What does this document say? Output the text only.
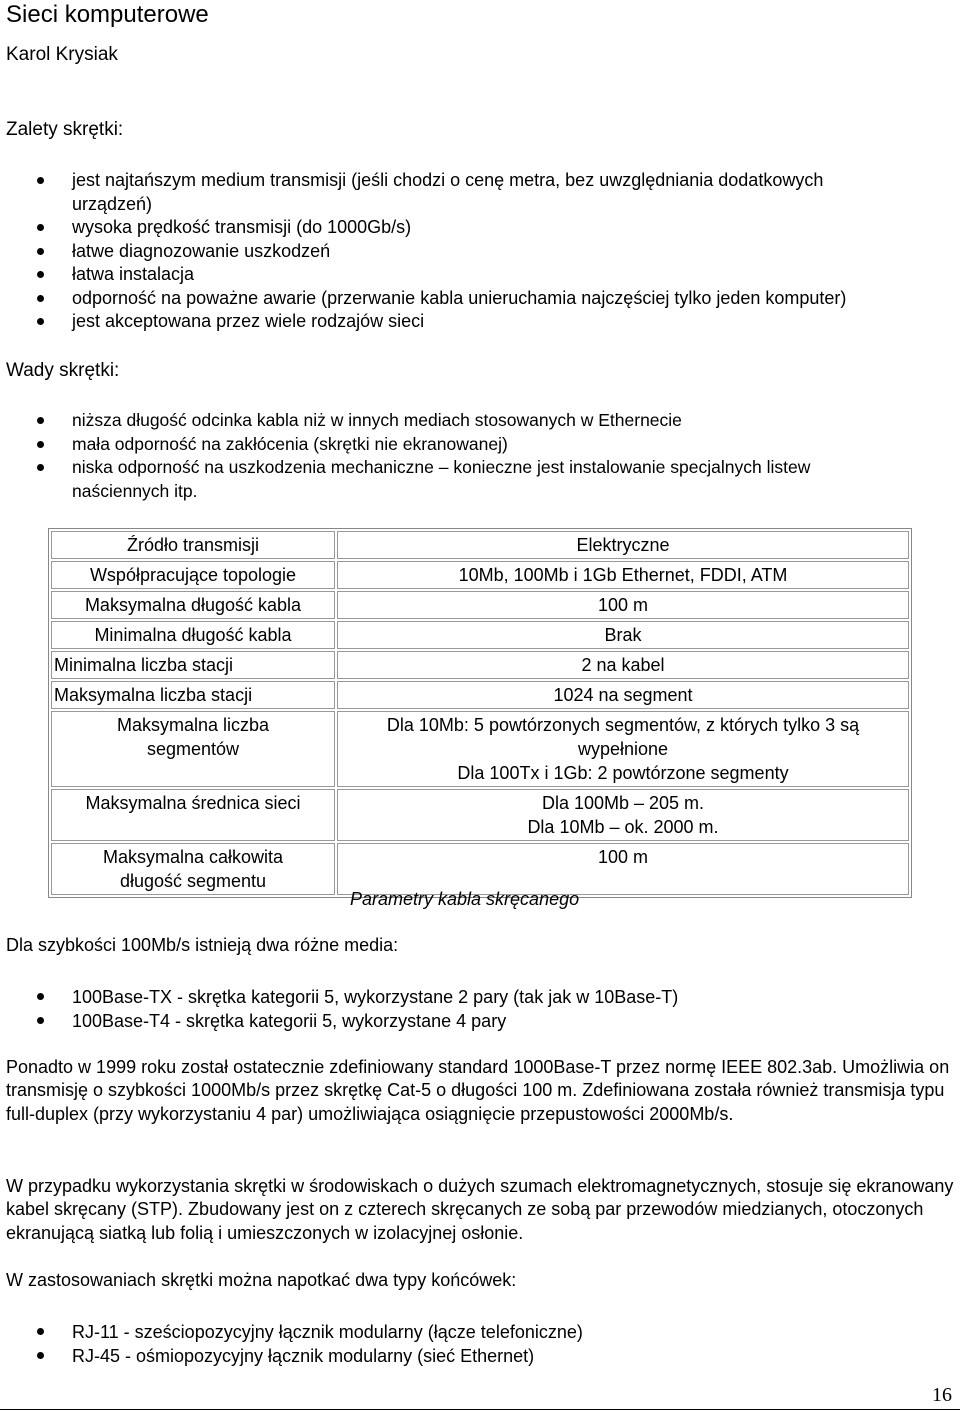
Sieci komputerowe
Karol Krysiak
Zalety skrętki:
jest najtańszym medium transmisji (jeśli chodzi o cenę metra, bez uwzględniania dodatkowych
urządzeń)
wysoka prędkość transmisji (do 1000Gb/s)
łatwe diagnozowanie uszkodzeń
łatwa instalacja
odporność na poważne awarie (przerwanie kabla unieruchamia najczęściej tylko jeden komputer)
jest akceptowana przez wiele rodzajów sieci
Wady skrętki:
niższa długość odcinka kabla niż w innych mediach stosowanych w Ethernecie
mała odporność na zakłócenia (skrętki nie ekranowanej)
niska odporność na uszkodzenia mechaniczne – konieczne jest instalowanie specjalnych listew
naściennych itp.
Źródło transmisji	Elektryczne
Współpracujące topologie	10Mb, 100Mb i 1Gb Ethernet, FDDI, ATM
Maksymalna długość kabla	100 m
Minimalna długość kabla	Brak
Minimalna liczba stacji	2 na kabel
Maksymalna liczba stacji	1024 na segment

Maksymalna liczba segmentów	Dla 10Mb: 5 powtórzonych segmentów, z których tylko 3 są wypełnione
Dla 100Tx i 1Gb: 2 powtórzone segmenty

Maksymalna średnica sieci	Dla 100Mb – 205 m.
Dla 10Mb – ok. 2000 m.

Maksymalna całkowita długość segmentu	100 m
Parametry kabla skręcanego
Dla szybkości 100Mb/s istnieją dwa różne media:
100Base-TX - skrętka kategorii 5, wykorzystane 2 pary (tak jak w 10Base-T)
100Base-T4 - skrętka kategorii 5, wykorzystane 4 pary
Ponadto w 1999 roku został ostatecznie zdefiniowany standard 1000Base-T przez normę IEEE 802.3ab. Umożliwia on transmisję o szybkości 1000Mb/s przez skrętkę Cat-5 o długości 100 m. Zdefiniowana została również transmisja typu full-duplex (przy wykorzystaniu 4 par) umożliwiająca osiągnięcie przepustowości 2000Mb/s.
W przypadku wykorzystania skrętki w środowiskach o dużych szumach elektromagnetycznych, stosuje się ekranowany kabel skręcany (STP). Zbudowany jest on z czterech skręcanych ze sobą par przewodów miedzianych, otoczonych ekranującą siatką lub folią i umieszczonych w izolacyjnej osłonie.
W zastosowaniach skrętki można napotkać dwa typy końcówek:
RJ-11 - sześciopozycyjny łącznik modularny (łącze telefoniczne)
RJ-45 - ośmiopozycyjny łącznik modularny (sieć Ethernet)
16
